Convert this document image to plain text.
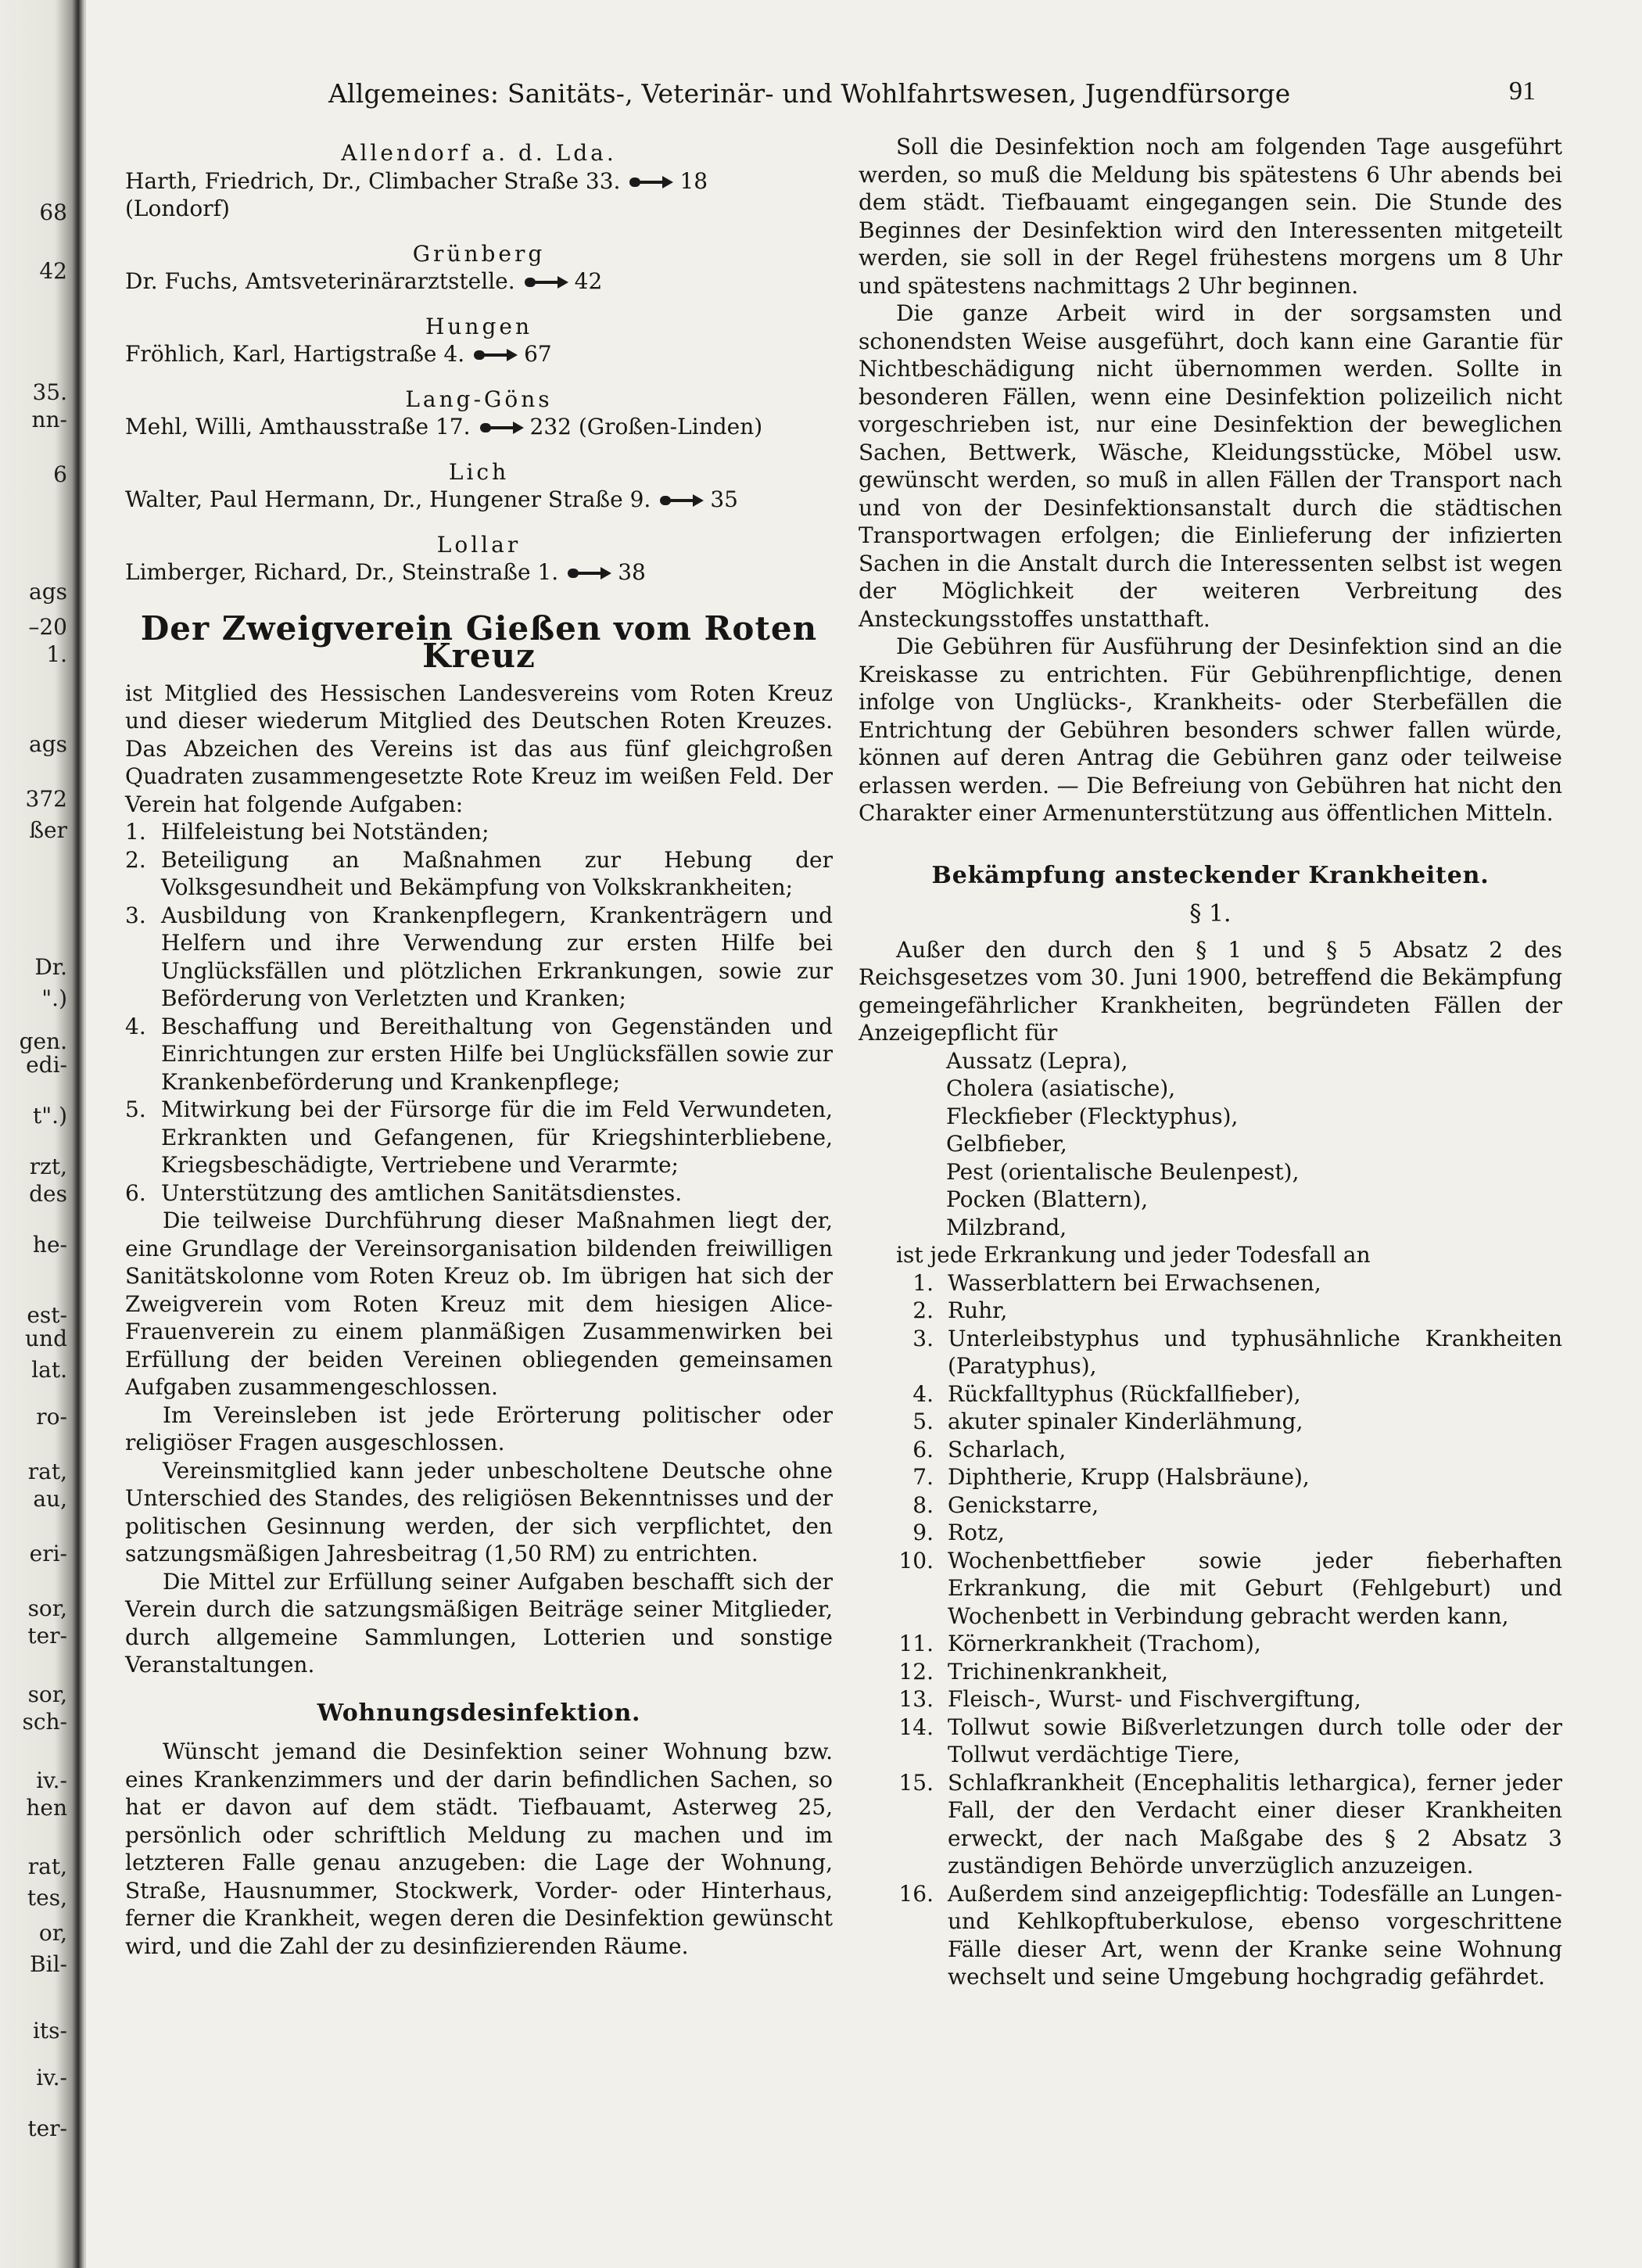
68
42
35.
nn-
6
ags
–20
1.
ags
372
ßer
Dr.
".)
gen.
edi-
t".)
rzt,
des
he-
est-
und
lat.
ro-
rat,
au,
eri-
sor,
ter-
sor,
sch-
iv.-
hen
rat,
tes,
or,
Bil-
its-
iv.-
ter-
Allgemeines: Sanitäts-, Veterinär- und Wohlfahrtswesen, Jugendfürsorge	91
Allendorf a. d. Lda.
Harth, Friedrich, Dr., Climbacher Straße 33.	18
(Londorf)
Grünberg
Dr. Fuchs, Amtsveterinärarztstelle.	42
Hungen
Fröhlich, Karl, Hartigstraße 4.	67
Lang-Göns
Mehl, Willi, Amthausstraße 17.	232 (Großen-Linden)
Lich
Walter, Paul Hermann, Dr., Hungener Straße 9.	35
Lollar
Limberger, Richard, Dr., Steinstraße 1.	38
Der Zweigverein Gießen vom Roten Kreuz

ist Mitglied des Hessischen Landesvereins vom Roten Kreuz und dieser wiederum Mitglied des Deutschen Roten Kreuzes. Das Abzeichen des Vereins ist das aus fünf gleichgroßen Quadraten zusammengesetzte Rote Kreuz im weißen Feld. Der Verein hat folgende Aufgaben:

1. Hilfeleistung bei Notständen;
2. Beteiligung an Maßnahmen zur Hebung der Volksgesundheit und Bekämpfung von Volkskrankheiten;
3. Ausbildung von Krankenpflegern, Krankenträgern und Helfern und ihre Verwendung zur ersten Hilfe bei Unglücksfällen und plötzlichen Erkrankungen, sowie zur Beförderung von Verletzten und Kranken;
4. Beschaffung und Bereithaltung von Gegenständen und Einrichtungen zur ersten Hilfe bei Unglücksfällen sowie zur Krankenbeförderung und Krankenpflege;
5. Mitwirkung bei der Fürsorge für die im Feld Verwundeten, Erkrankten und Gefangenen, für Kriegshinterbliebene, Kriegsbeschädigte, Vertriebene und Verarmte;
6. Unterstützung des amtlichen Sanitätsdienstes.

Die teilweise Durchführung dieser Maßnahmen liegt der, eine Grundlage der Vereinsorganisation bildenden freiwilligen Sanitätskolonne vom Roten Kreuz ob. Im übrigen hat sich der Zweigverein vom Roten Kreuz mit dem hiesigen Alice-Frauenverein zu einem planmäßigen Zusammenwirken bei Erfüllung der beiden Vereinen obliegenden gemeinsamen Aufgaben zusammengeschlossen.

Im Vereinsleben ist jede Erörterung politischer oder religiöser Fragen ausgeschlossen.

Vereinsmitglied kann jeder unbescholtene Deutsche ohne Unterschied des Standes, des religiösen Bekenntnisses und der politischen Gesinnung werden, der sich verpflichtet, den satzungsmäßigen Jahresbeitrag (1,50 RM) zu entrichten.

Die Mittel zur Erfüllung seiner Aufgaben beschafft sich der Verein durch die satzungsmäßigen Beiträge seiner Mitglieder, durch allgemeine Sammlungen, Lotterien und sonstige Veranstaltungen.

Wohnungsdesinfektion.

Wünscht jemand die Desinfektion seiner Wohnung bzw. eines Krankenzimmers und der darin befindlichen Sachen, so hat er davon auf dem städt. Tiefbauamt, Asterweg 25, persönlich oder schriftlich Meldung zu machen und im letzteren Falle genau anzugeben: die Lage der Wohnung, Straße, Hausnummer, Stockwerk, Vorder- oder Hinterhaus, ferner die Krankheit, wegen deren die Desinfektion gewünscht wird, und die Zahl der zu desinfizierenden Räume.

Soll die Desinfektion noch am folgenden Tage ausgeführt werden, so muß die Meldung bis spätestens 6 Uhr abends bei dem städt. Tiefbauamt eingegangen sein. Die Stunde des Beginnes der Desinfektion wird den Interessenten mitgeteilt werden, sie soll in der Regel frühestens morgens um 8 Uhr und spätestens nachmittags 2 Uhr beginnen.

Die ganze Arbeit wird in der sorgsamsten und schonendsten Weise ausgeführt, doch kann eine Garantie für Nichtbeschädigung nicht übernommen werden. Sollte in besonderen Fällen, wenn eine Desinfektion polizeilich nicht vorgeschrieben ist, nur eine Desinfektion der beweglichen Sachen, Bettwerk, Wäsche, Kleidungsstücke, Möbel usw. gewünscht werden, so muß in allen Fällen der Transport nach und von der Desinfektionsanstalt durch die städtischen Transportwagen erfolgen; die Einlieferung der infizierten Sachen in die Anstalt durch die Interessenten selbst ist wegen der Möglichkeit der weiteren Verbreitung des Ansteckungsstoffes unstatthaft.

Die Gebühren für Ausführung der Desinfektion sind an die Kreiskasse zu entrichten. Für Gebührenpflichtige, denen infolge von Unglücks-, Krankheits- oder Sterbefällen die Entrichtung der Gebühren besonders schwer fallen würde, können auf deren Antrag die Gebühren ganz oder teilweise erlassen werden. — Die Befreiung von Gebühren hat nicht den Charakter einer Armenunterstützung aus öffentlichen Mitteln.

Bekämpfung ansteckender Krankheiten.
§ 1.

Außer den durch den § 1 und § 5 Absatz 2 des Reichsgesetzes vom 30. Juni 1900, betreffend die Bekämpfung gemeingefährlicher Krankheiten, begründeten Fällen der Anzeigepflicht für

Aussatz (Lepra),
Cholera (asiatische),
Fleckfieber (Flecktyphus),
Gelbfieber,
Pest (orientalische Beulenpest),
Pocken (Blattern),
Milzbrand,

ist jede Erkrankung und jeder Todesfall an

1. Wasserblattern bei Erwachsenen,
2. Ruhr,
3. Unterleibstyphus und typhusähnliche Krankheiten (Paratyphus),
4. Rückfalltyphus (Rückfallfieber),
5. akuter spinaler Kinderlähmung,
6. Scharlach,
7. Diphtherie, Krupp (Halsbräune),
8. Genickstarre,
9. Rotz,
10. Wochenbettfieber sowie jeder fieberhaften Erkrankung, die mit Geburt (Fehlgeburt) und Wochenbett in Verbindung gebracht werden kann,
11. Körnerkrankheit (Trachom),
12. Trichinenkrankheit,
13. Fleisch-, Wurst- und Fischvergiftung,
14. Tollwut sowie Bißverletzungen durch tolle oder der Tollwut verdächtige Tiere,
15. Schlafkrankheit (Encephalitis lethargica), ferner jeder Fall, der den Verdacht einer dieser Krankheiten erweckt, der nach Maßgabe des § 2 Absatz 3 zuständigen Behörde unverzüglich anzuzeigen.
16. Außerdem sind anzeigepflichtig: Todesfälle an Lungen- und Kehlkopftuberkulose, ebenso vorgeschrittene Fälle dieser Art, wenn der Kranke seine Wohnung wechselt und seine Umgebung hochgradig gefährdet.
